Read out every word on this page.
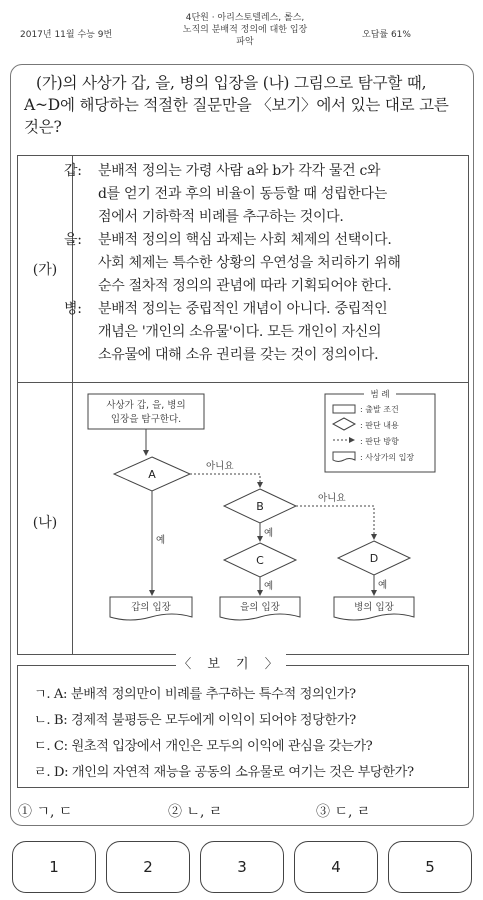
2017년 11월 수능 9번
4단원 · 아리스토텔레스, 롤스,
노직의 분배적 정의에 대한 입장
파악
오답률 61%
(가)의 사상가 갑, 을, 병의 입장을 (나) 그림으로 탐구할 때,
A~D에 해당하는 적절한 질문만을 〈보기〉에서 있는 대로 고른
것은?
(가)
(나)
갑: 분배적 정의는 가령 사람 a와 b가 각각 물건 c와
d를 얻기 전과 후의 비율이 동등할 때 성립한다는
점에서 기하학적 비례를 추구하는 것이다.
을: 분배적 정의의 핵심 과제는 사회 체제의 선택이다.
사회 체제는 특수한 상황의 우연성을 처리하기 위해
순수 절차적 정의의 관념에 따라 기획되어야 한다.
병: 분배적 정의는 중립적인 개념이 아니다. 중립적인
개념은 '개인의 소유물'이다. 모든 개인이 자신의
소유물에 대해 소유 권리를 갖는 것이 정의이다.
사상가 갑, 을, 병의
입장을 탐구한다.
A
아니요
예
B
아니요
예
C
예
D
예
갑의 입장	을의 입장	병의 입장
범 례
: 출발 조건
: 판단 내용
: 판단 방향
: 사상가의 입장
〈 보 기 〉
ㄱ. A: 분배적 정의만이 비례를 추구하는 특수적 정의인가?
ㄴ. B: 경제적 불평등은 모두에게 이익이 되어야 정당한가?
ㄷ. C: 원초적 입장에서 개인은 모두의 이익에 관심을 갖는가?
ㄹ. D: 개인의 자연적 재능을 공동의 소유물로 여기는 것은 부당한가?
① ㄱ, ㄷ	② ㄴ, ㄹ	③ ㄷ, ㄹ
1	2	3	4	5
